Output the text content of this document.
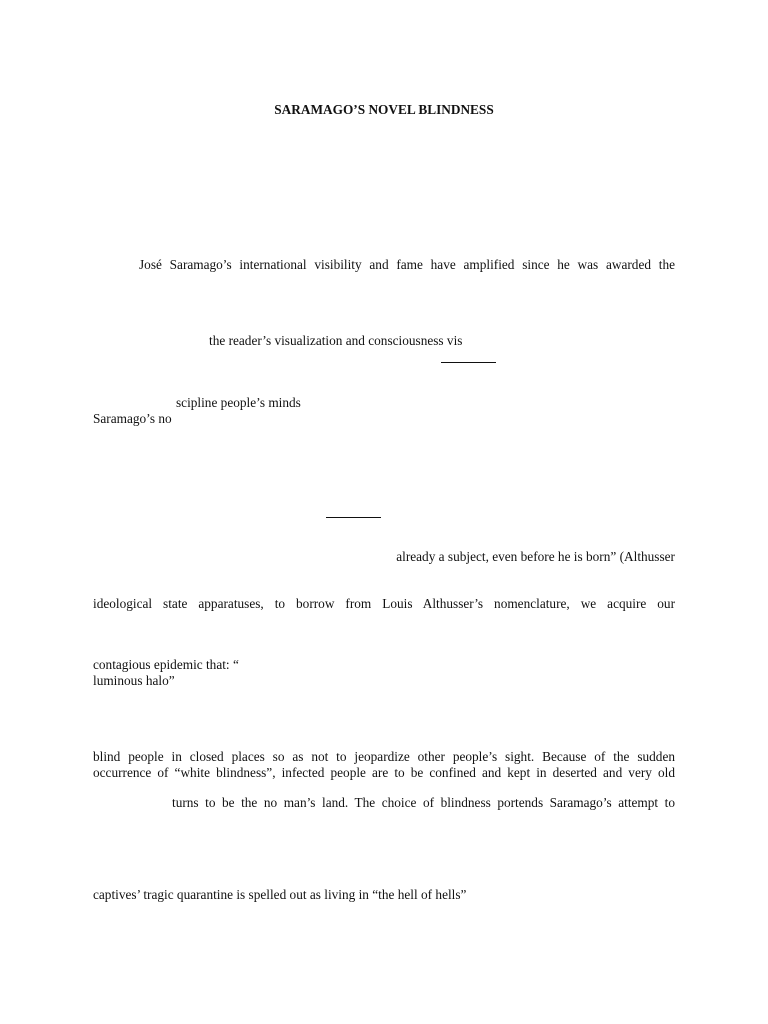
SARAMAGO’S NOVEL BLINDNESS
José Saramago’s international visibility and fame have amplified since he was awarded the
the reader’s visualization and consciousness vis
scipline people’s minds
Saramago’s no
already a subject, even before he is born” (Althusser
ideological state apparatuses, to borrow from Louis Althusser’s nomenclature, we acquire our
contagious epidemic that: “
luminous halo”
blind people in closed places so as not to jeopardize other people’s sight. Because of the sudden
occurrence of “white blindness”, infected people are to be confined and kept in deserted and very old
turns to be the no man’s land. The choice of blindness portends Saramago’s attempt to
captives’ tragic quarantine is spelled out as living in “the hell of hells”
